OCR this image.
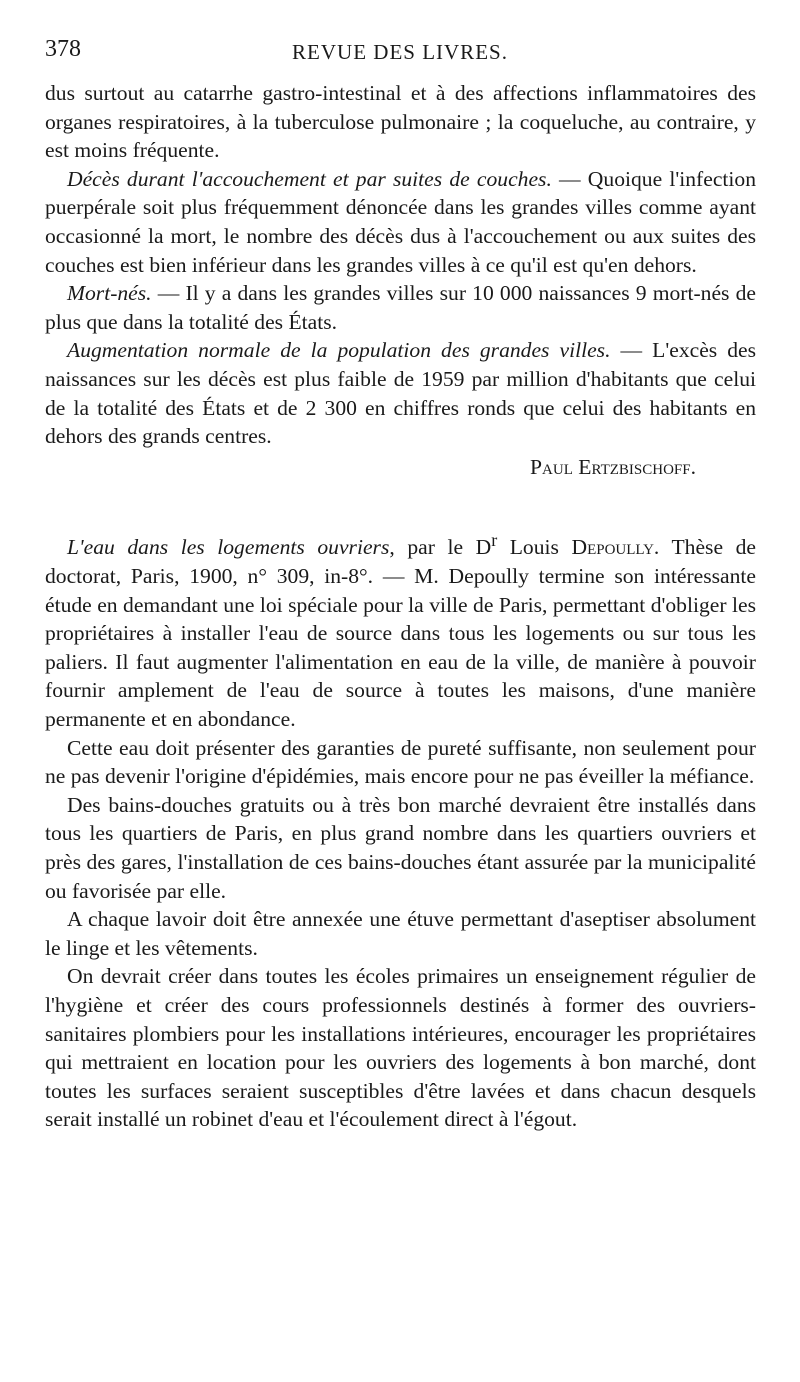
378	REVUE DES LIVRES.

dus surtout au catarrhe gastro-intestinal et à des affections inflammatoires des organes respiratoires, à la tuberculose pulmonaire ; la coqueluche, au contraire, y est moins fréquente.

Décès durant l'accouchement et par suites de couches. — Quoique l'infection puerpérale soit plus fréquemment dénoncée dans les grandes villes comme ayant occasionné la mort, le nombre des décès dus à l'accouchement ou aux suites des couches est bien inférieur dans les grandes villes à ce qu'il est qu'en dehors.

Mort-nés. — Il y a dans les grandes villes sur 10 000 naissances 9 mort-nés de plus que dans la totalité des États.

Augmentation normale de la population des grandes villes. — L'excès des naissances sur les décès est plus faible de 1959 par million d'habitants que celui de la totalité des États et de 2 300 en chiffres ronds que celui des habitants en dehors des grands centres.

Paul Ertzbischoff.

L'eau dans les logements ouvriers, par le $D^r$ Louis Depoully. Thèse de doctorat, Paris, 1900, n° 309, in-8°. — M. Depoully termine son intéressante étude en demandant une loi spéciale pour la ville de Paris, permettant d'obliger les propriétaires à installer l'eau de source dans tous les logements ou sur tous les paliers. Il faut augmenter l'alimentation en eau de la ville, de manière à pouvoir fournir amplement de l'eau de source à toutes les maisons, d'une manière permanente et en abondance.

Cette eau doit présenter des garanties de pureté suffisante, non seulement pour ne pas devenir l'origine d'épidémies, mais encore pour ne pas éveiller la méfiance.

Des bains-douches gratuits ou à très bon marché devraient être installés dans tous les quartiers de Paris, en plus grand nombre dans les quartiers ouvriers et près des gares, l'installation de ces bains-douches étant assurée par la municipalité ou favorisée par elle.

A chaque lavoir doit être annexée une étuve permettant d'aseptiser absolument le linge et les vêtements.

On devrait créer dans toutes les écoles primaires un enseignement régulier de l'hygiène et créer des cours professionnels destinés à former des ouvriers-sanitaires plombiers pour les installations intérieures, encourager les propriétaires qui mettraient en location pour les ouvriers des logements à bon marché, dont toutes les surfaces seraient susceptibles d'être lavées et dans chacun desquels serait installé un robinet d'eau et l'écoulement direct à l'égout.
